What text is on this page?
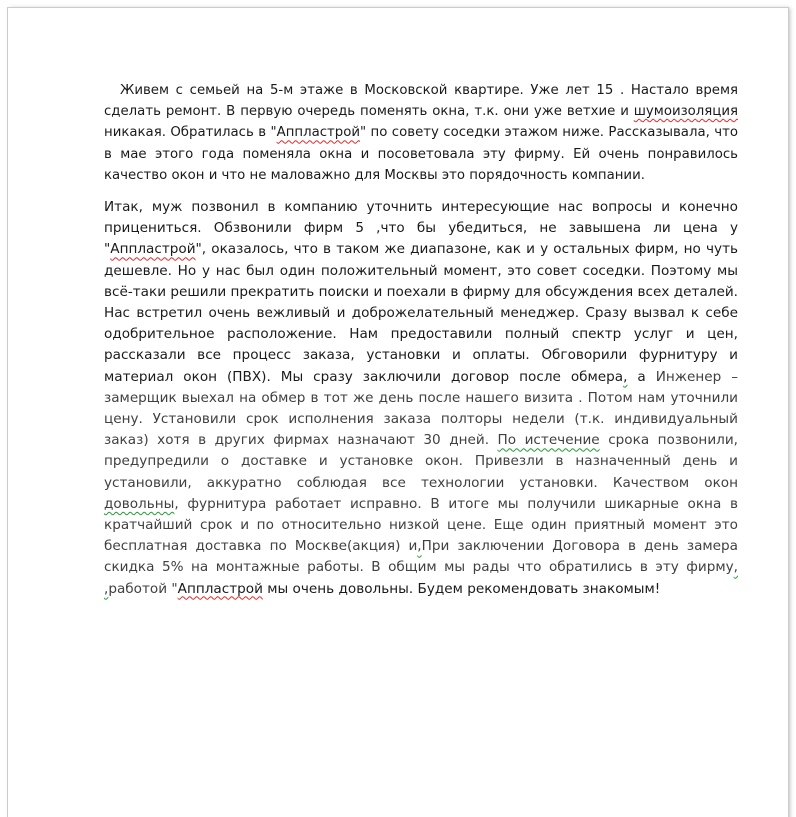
Живем с семьей на 5-м этаже в Московской квартире. Уже лет 15 . Настало время сделать ремонт. В первую очередь поменять окна, т.к. они уже ветхие и шумоизоляция никакая. Обратилась в "Аппластрой" по совету соседки этажом ниже. Рассказывала, что в мае этого года поменяла окна и посоветовала эту фирму. Ей очень понравилось качество окон и что не маловажно для Москвы это порядочность компании.

Итак, муж позвонил в компанию уточнить интересующие нас вопросы и конечно прицениться. Обзвонили фирм 5 ,что бы убедиться, не завышена ли цена у "Аппластрой", оказалось, что в таком же диапазоне, как и у остальных фирм, но чуть дешевле. Но у нас был один положительный момент, это совет соседки. Поэтому мы всё-таки решили прекратить поиски и поехали в фирму для обсуждения всех деталей. Нас встретил очень вежливый и доброжелательный менеджер. Сразу вызвал к себе одобрительное расположение. Нам предоставили полный спектр услуг и цен, рассказали все процесс заказа, установки и оплаты. Обговорили фурнитуру и материал окон (ПВХ). Мы сразу заключили договор после обмера, а Инженер – замерщик выехал на обмер в тот же день после нашего визита . Потом нам уточнили цену. Установили срок исполнения заказа полторы недели (т.к. индивидуальный заказ) хотя в других фирмах назначают 30 дней. По истечение срока позвонили, предупредили о доставке и установке окон. Привезли в назначенный день и установили, аккуратно соблюдая все технологии установки. Качеством окон довольны, фурнитура работает исправно. В итоге мы получили шикарные окна в кратчайший срок и по относительно низкой цене. Еще один приятный момент это бесплатная доставка по Москве(акция) и,При заключении Договора в день замера скидка 5% на монтажные работы. В общим мы рады что обратились в эту фирму, ,работой "Аппластрой мы очень довольны. Будем рекомендовать знакомым!
